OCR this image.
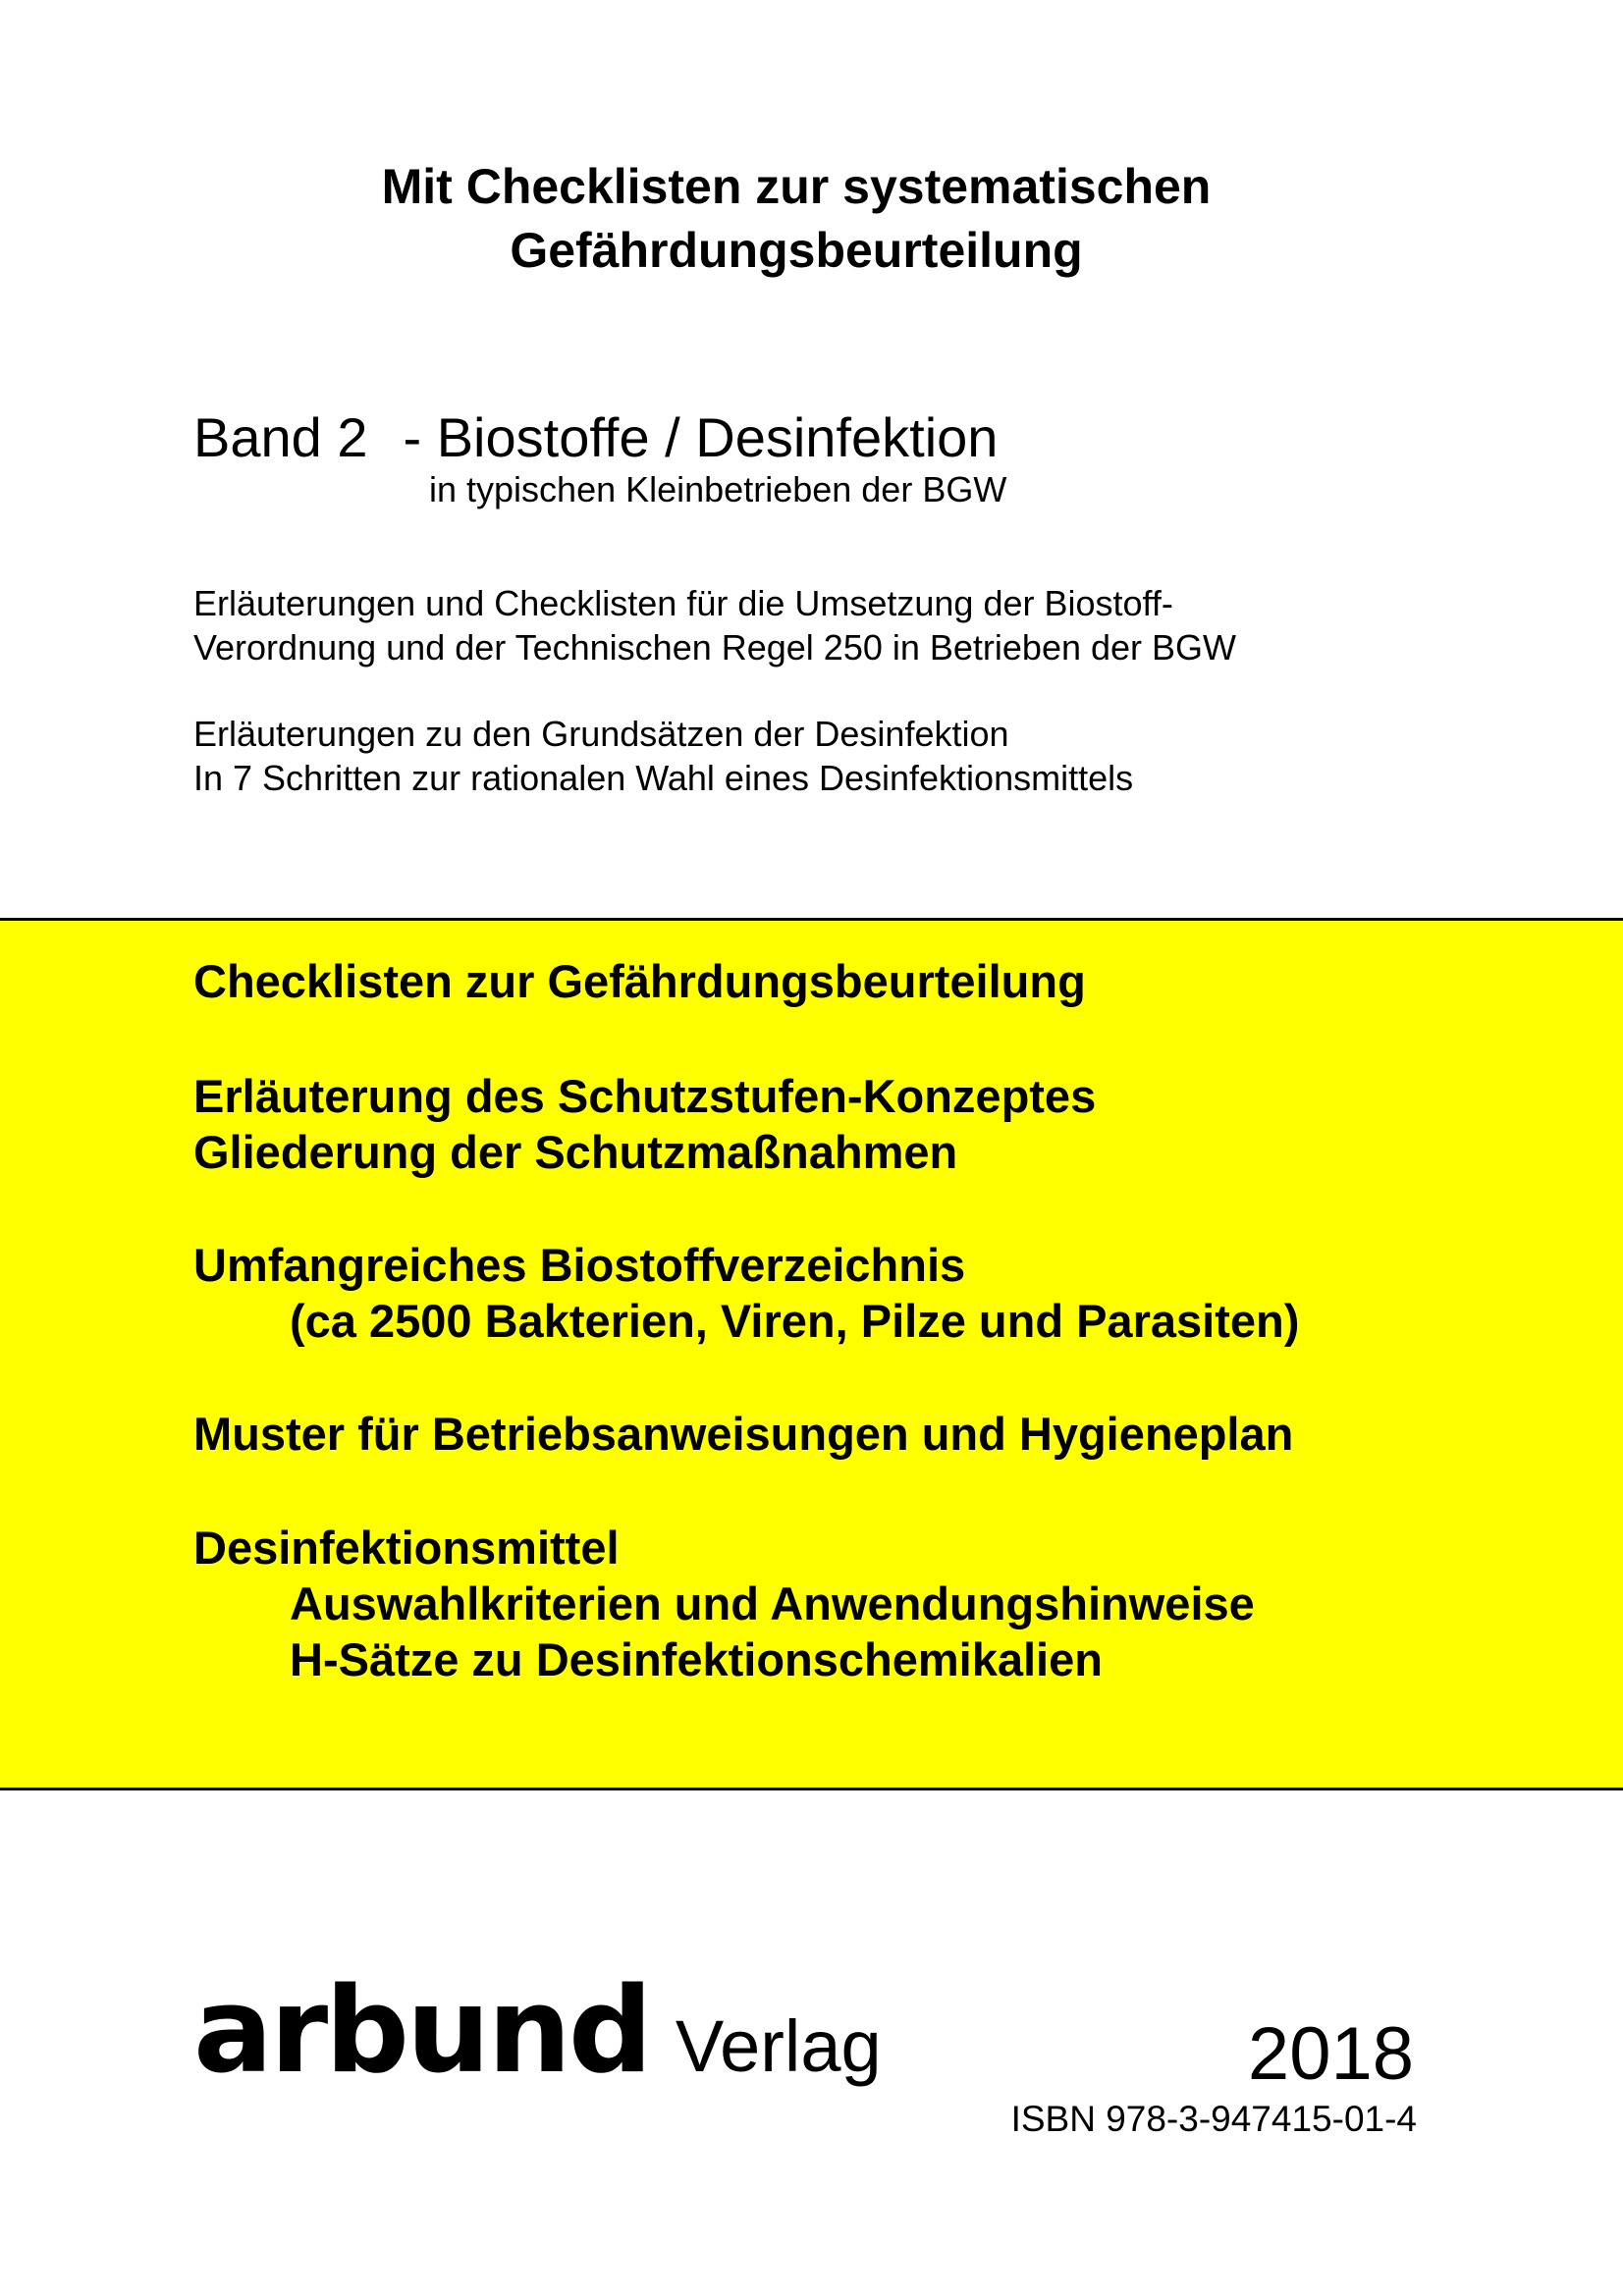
Mit Checklisten zur systematischen
Gefährdungsbeurteilung
Band 2 - Biostoffe / Desinfektion
in typischen Kleinbetrieben der BGW
Erläuterungen und Checklisten für die Umsetzung der Biostoff-
Verordnung und der Technischen Regel 250 in Betrieben der BGW
Erläuterungen zu den Grundsätzen der Desinfektion
In 7 Schritten zur rationalen Wahl eines Desinfektionsmittels
Checklisten zur Gefährdungsbeurteilung
Erläuterung des Schutzstufen-Konzeptes
Gliederung der Schutzmaßnahmen
Umfangreiches Biostoffverzeichnis
(ca 2500 Bakterien, Viren, Pilze und Parasiten)
Muster für Betriebsanweisungen und Hygieneplan
Desinfektionsmittel
Auswahlkriterien und Anwendungshinweise
H-Sätze zu Desinfektionschemikalien
arbund Verlag	2018
ISBN 978-3-947415-01-4
